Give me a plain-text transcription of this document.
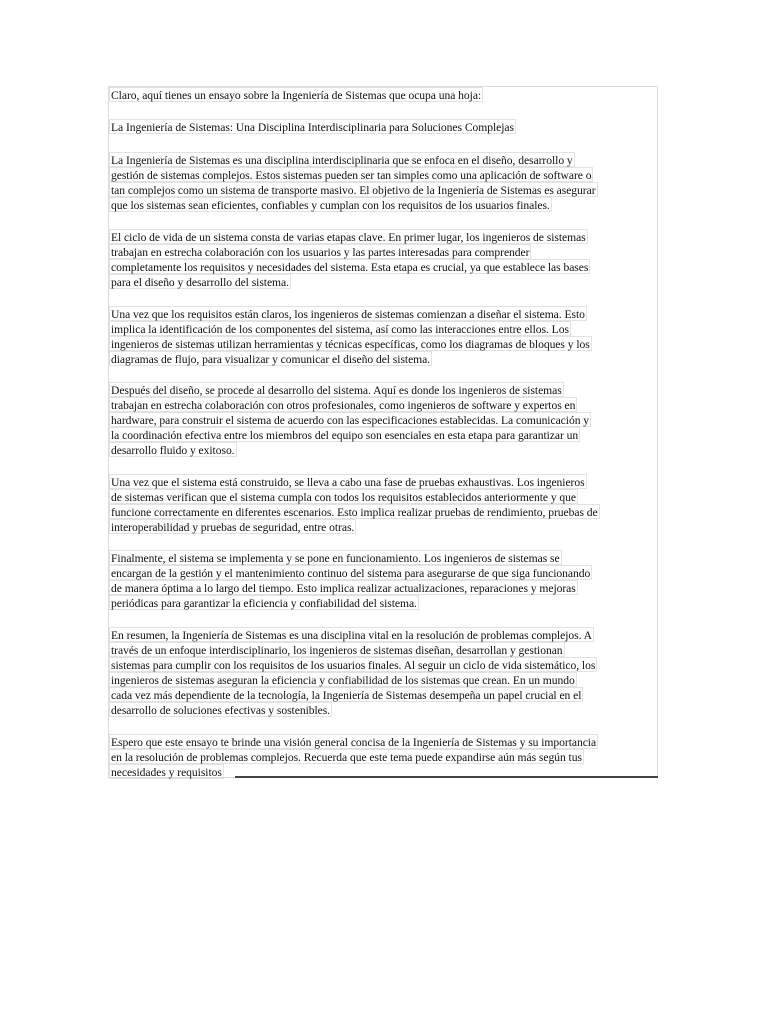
Claro, aquí tienes un ensayo sobre la Ingeniería de Sistemas que ocupa una hoja:
La Ingeniería de Sistemas: Una Disciplina Interdisciplinaria para Soluciones Complejas
La Ingeniería de Sistemas es una disciplina interdisciplinaria que se enfoca en el diseño, desarrollo y
gestión de sistemas complejos. Estos sistemas pueden ser tan simples como una aplicación de software o
tan complejos como un sistema de transporte masivo. El objetivo de la Ingeniería de Sistemas es asegurar
que los sistemas sean eficientes, confiables y cumplan con los requisitos de los usuarios finales.
El ciclo de vida de un sistema consta de varias etapas clave. En primer lugar, los ingenieros de sistemas
trabajan en estrecha colaboración con los usuarios y las partes interesadas para comprender
completamente los requisitos y necesidades del sistema. Esta etapa es crucial, ya que establece las bases
para el diseño y desarrollo del sistema.
Una vez que los requisitos están claros, los ingenieros de sistemas comienzan a diseñar el sistema. Esto
implica la identificación de los componentes del sistema, así como las interacciones entre ellos. Los
ingenieros de sistemas utilizan herramientas y técnicas específicas, como los diagramas de bloques y los
diagramas de flujo, para visualizar y comunicar el diseño del sistema.
Después del diseño, se procede al desarrollo del sistema. Aquí es donde los ingenieros de sistemas
trabajan en estrecha colaboración con otros profesionales, como ingenieros de software y expertos en
hardware, para construir el sistema de acuerdo con las especificaciones establecidas. La comunicación y
la coordinación efectiva entre los miembros del equipo son esenciales en esta etapa para garantizar un
desarrollo fluido y exitoso.
Una vez que el sistema está construido, se lleva a cabo una fase de pruebas exhaustivas. Los ingenieros
de sistemas verifican que el sistema cumpla con todos los requisitos establecidos anteriormente y que
funcione correctamente en diferentes escenarios. Esto implica realizar pruebas de rendimiento, pruebas de
interoperabilidad y pruebas de seguridad, entre otras.
Finalmente, el sistema se implementa y se pone en funcionamiento. Los ingenieros de sistemas se
encargan de la gestión y el mantenimiento continuo del sistema para asegurarse de que siga funcionando
de manera óptima a lo largo del tiempo. Esto implica realizar actualizaciones, reparaciones y mejoras
periódicas para garantizar la eficiencia y confiabilidad del sistema.
En resumen, la Ingeniería de Sistemas es una disciplina vital en la resolución de problemas complejos. A
través de un enfoque interdisciplinario, los ingenieros de sistemas diseñan, desarrollan y gestionan
sistemas para cumplir con los requisitos de los usuarios finales. Al seguir un ciclo de vida sistemático, los
ingenieros de sistemas aseguran la eficiencia y confiabilidad de los sistemas que crean. En un mundo
cada vez más dependiente de la tecnología, la Ingeniería de Sistemas desempeña un papel crucial en el
desarrollo de soluciones efectivas y sostenibles.
Espero que este ensayo te brinde una visión general concisa de la Ingeniería de Sistemas y su importancia
en la resolución de problemas complejos. Recuerda que este tema puede expandirse aún más según tus
necesidades y requisitos
